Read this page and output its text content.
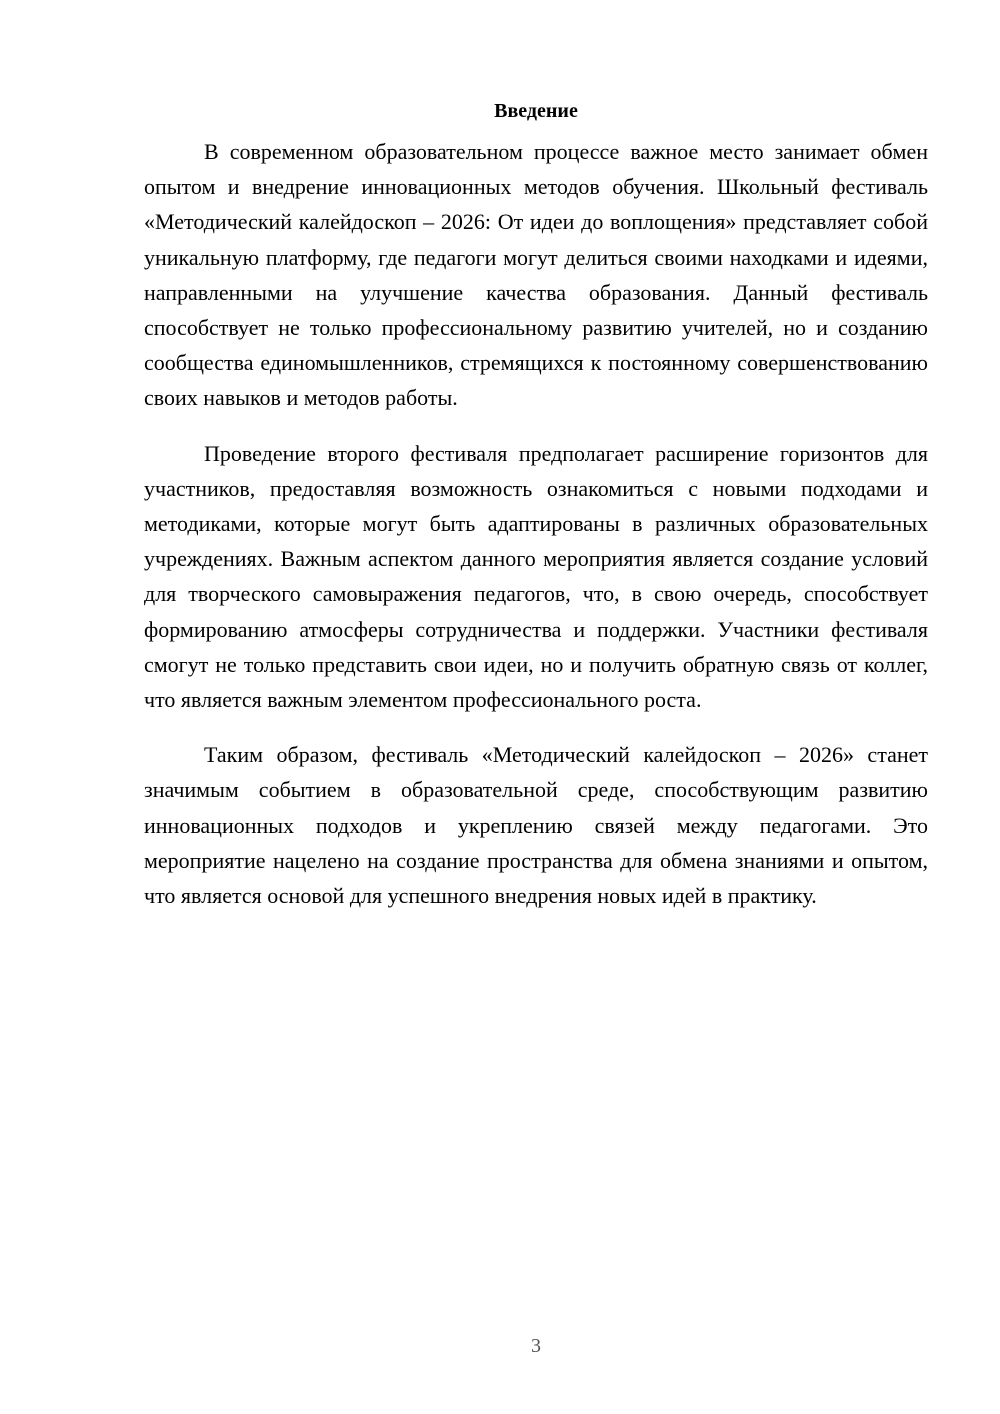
Введение

В современном образовательном процессе важное место занимает обмен опытом и внедрение инновационных методов обучения. Школьный фестиваль «Методический калейдоскоп – 2026: От идеи до воплощения» представляет собой уникальную платформу, где педагоги могут делиться своими находками и идеями, направленными на улучшение качества образования. Данный фестиваль способствует не только профессиональному развитию учителей, но и созданию сообщества единомышленников, стремящихся к постоянному совершенствованию своих навыков и методов работы.

Проведение второго фестиваля предполагает расширение горизонтов для участников, предоставляя возможность ознакомиться с новыми подходами и методиками, которые могут быть адаптированы в различных образовательных учреждениях. Важным аспектом данного мероприятия является создание условий для творческого самовыражения педагогов, что, в свою очередь, способствует формированию атмосферы сотрудничества и поддержки. Участники фестиваля смогут не только представить свои идеи, но и получить обратную связь от коллег, что является важным элементом профессионального роста.

Таким образом, фестиваль «Методический калейдоскоп – 2026» станет значимым событием в образовательной среде, способствующим развитию инновационных подходов и укреплению связей между педагогами. Это мероприятие нацелено на создание пространства для обмена знаниями и опытом, что является основой для успешного внедрения новых идей в практику.

3
